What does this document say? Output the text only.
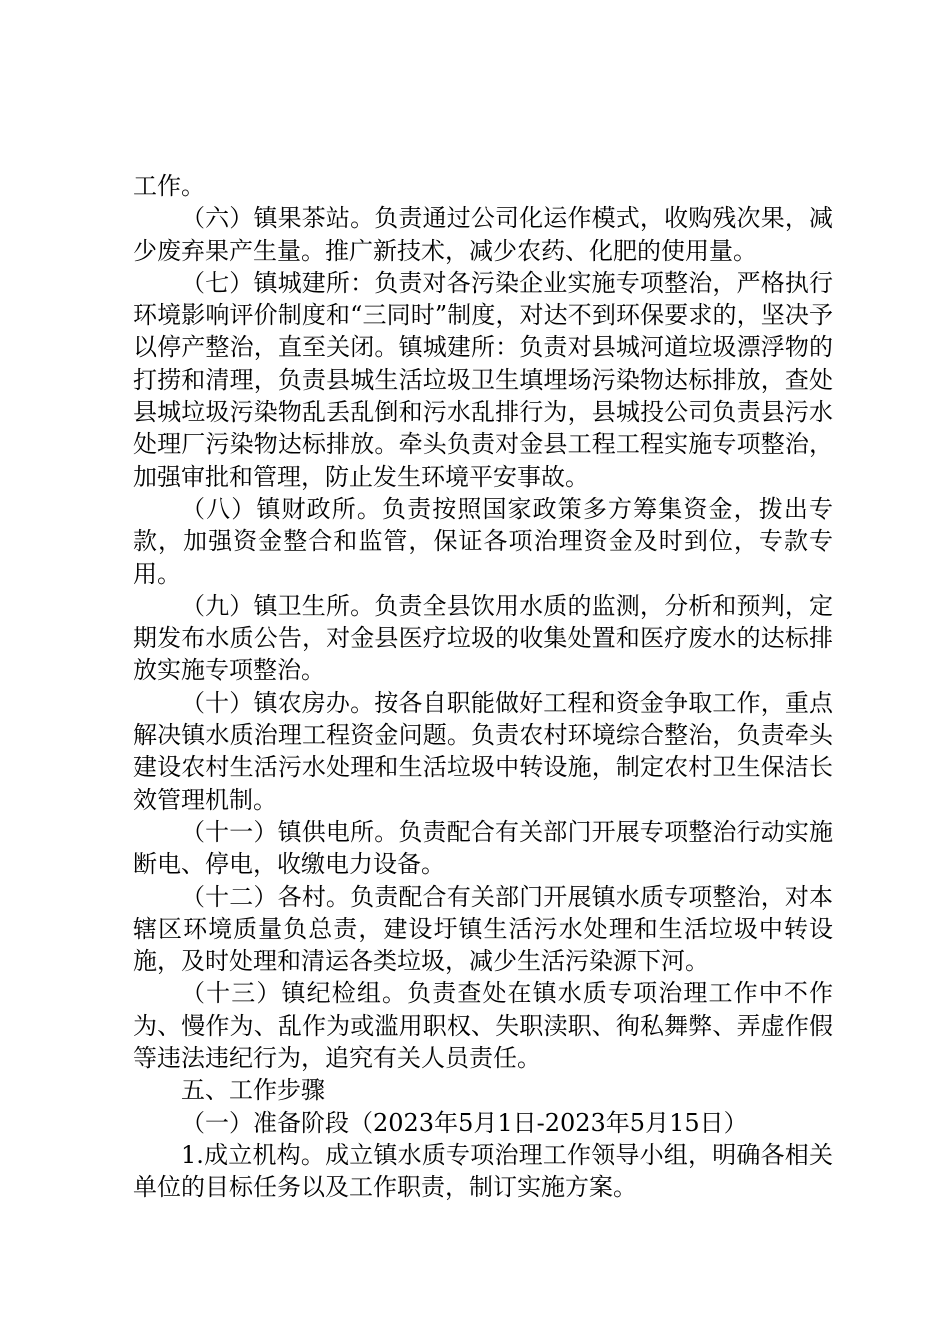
工作。

（六）镇果茶站。负责通过公司化运作模式，收购残次果，减少废弃果产生量。推广新技术，减少农药、化肥的使用量。

（七）镇城建所：负责对各污染企业实施专项整治，严格执行环境影响评价制度和“三同时”制度，对达不到环保要求的，坚决予以停产整治，直至关闭。镇城建所：负责对县城河道垃圾漂浮物的打捞和清理，负责县城生活垃圾卫生填埋场污染物达标排放，查处县城垃圾污染物乱丢乱倒和污水乱排行为，县城投公司负责县污水处理厂污染物达标排放。牵头负责对金县工程工程实施专项整治，加强审批和管理，防止发生环境平安事故。

（八）镇财政所。负责按照国家政策多方筹集资金，拨出专款，加强资金整合和监管，保证各项治理资金及时到位，专款专用。

（九）镇卫生所。负责全县饮用水质的监测，分析和预判，定期发布水质公告，对金县医疗垃圾的收集处置和医疗废水的达标排放实施专项整治。

（十）镇农房办。按各自职能做好工程和资金争取工作，重点解决镇水质治理工程资金问题。负责农村环境综合整治，负责牵头建设农村生活污水处理和生活垃圾中转设施，制定农村卫生保洁长效管理机制。

（十一）镇供电所。负责配合有关部门开展专项整治行动实施断电、停电，收缴电力设备。

（十二）各村。负责配合有关部门开展镇水质专项整治，对本辖区环境质量负总责，建设圩镇生活污水处理和生活垃圾中转设施，及时处理和清运各类垃圾，减少生活污染源下河。

（十三）镇纪检组。负责查处在镇水质专项治理工作中不作为、慢作为、乱作为或滥用职权、失职渎职、徇私舞弊、弄虚作假等违法违纪行为，追究有关人员责任。

五、工作步骤

（一）准备阶段（2023年5月1日-2023年5月15日）

1.成立机构。成立镇水质专项治理工作领导小组，明确各相关单位的目标任务以及工作职责，制订实施方案。
